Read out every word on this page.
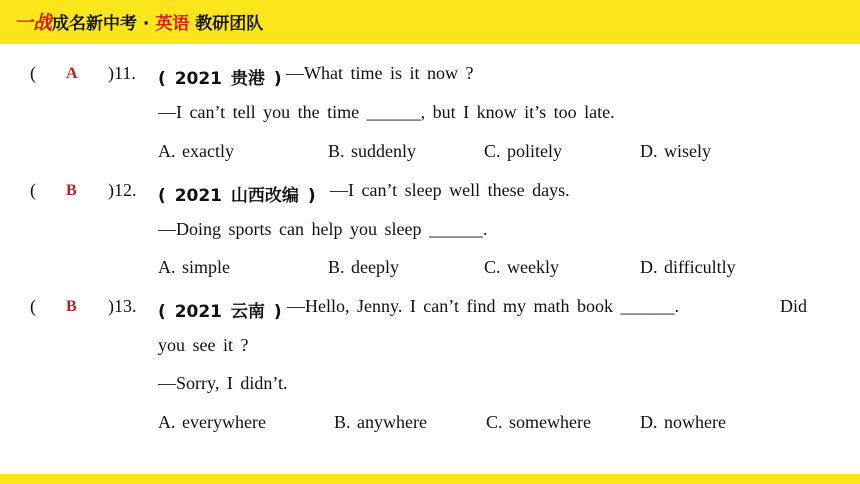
一战成名新中考 · 英语 教研团队
( A )11. ( 2021 贵港 ) —What time is it now ?
—I can’t tell you the time ______, but I know it’s too late.
A. exactly	B. suddenly	C. politely	D. wisely
( B )12. ( 2021 山西改编 ) —I can’t sleep well these days.
—Doing sports can help you sleep ______.
A. simple	B. deeply	C. weekly	D. difficultly
( B )13. ( 2021 云南 ) —Hello, Jenny. I can’t find my math book ______.	Did
you see it ?
—Sorry, I didn’t.
A. everywhere	B. anywhere	C. somewhere	D. nowhere
